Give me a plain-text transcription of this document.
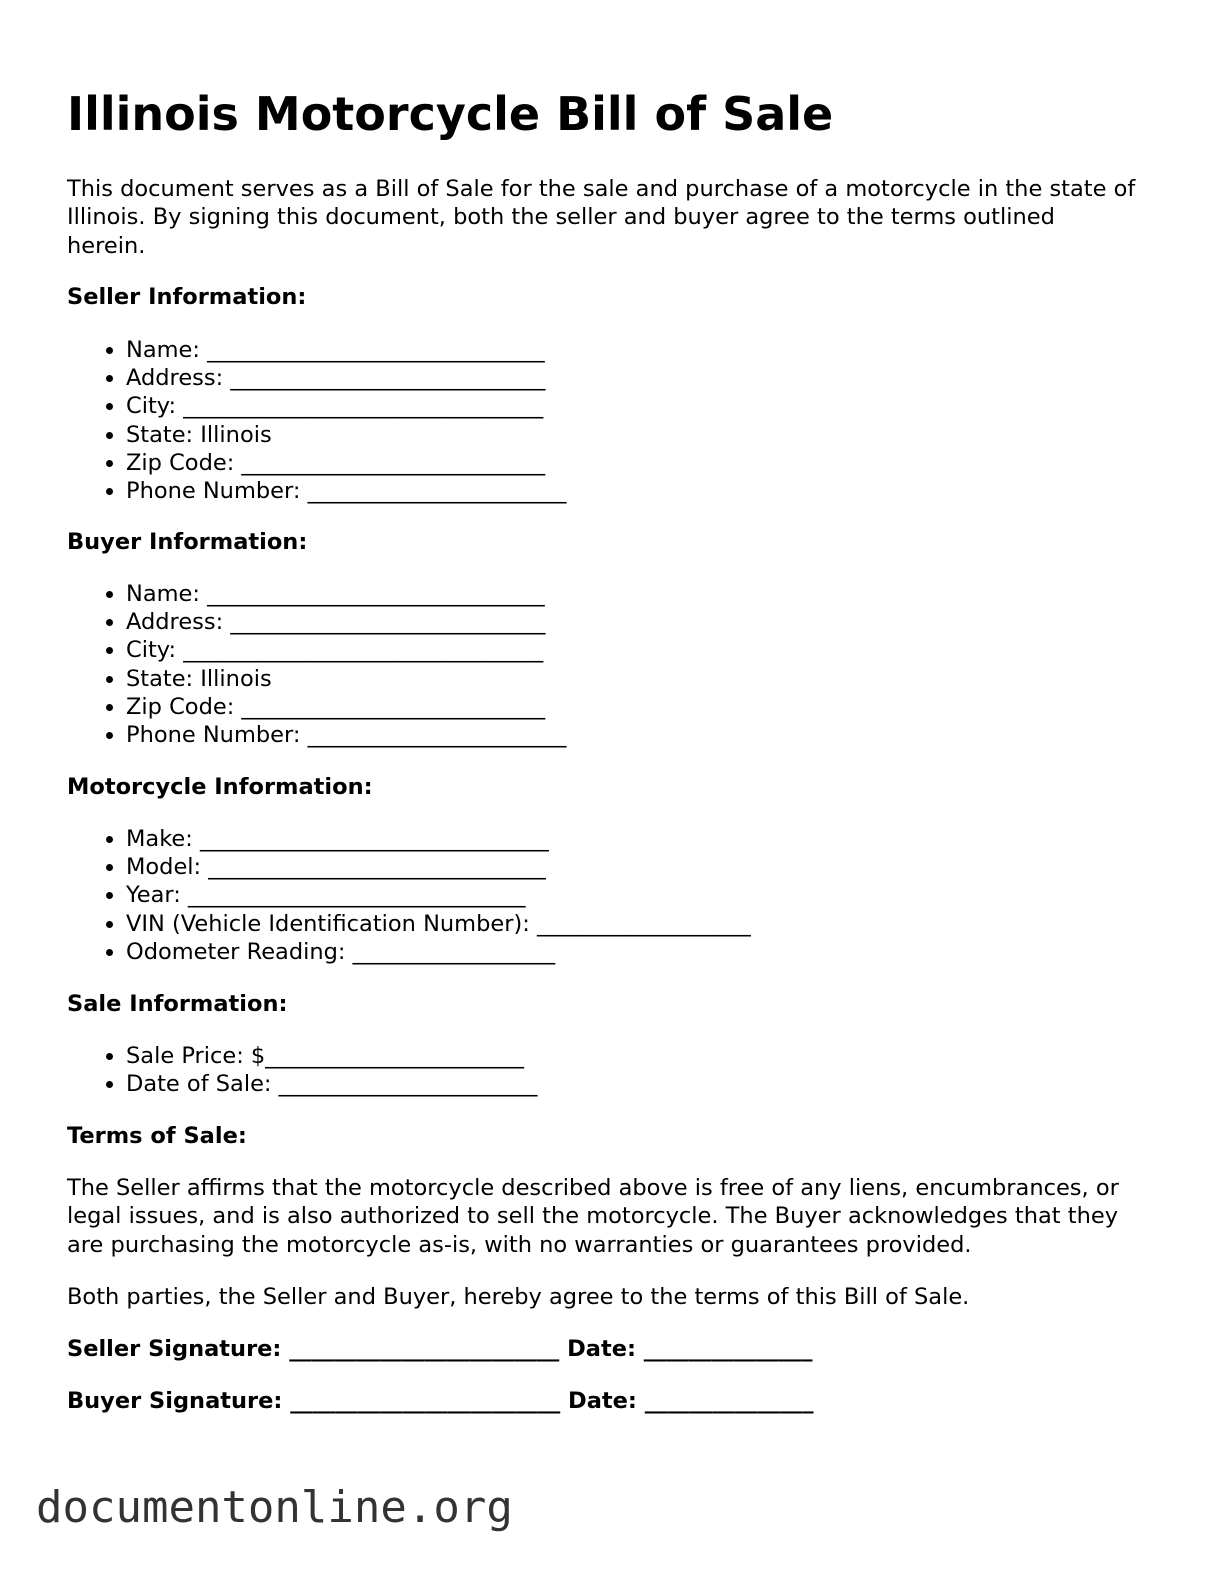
Illinois Motorcycle Bill of Sale

This document serves as a Bill of Sale for the sale and purchase of a motorcycle in the state of Illinois. By signing this document, both the seller and buyer agree to the terms outlined herein.

Seller Information:

• Name: ______________________________
• Address: ____________________________
• City: ________________________________
• State: Illinois
• Zip Code: ___________________________
• Phone Number: _______________________

Buyer Information:

• Name: ______________________________
• Address: ____________________________
• City: ________________________________
• State: Illinois
• Zip Code: ___________________________
• Phone Number: _______________________

Motorcycle Information:

• Make: _______________________________
• Model: ______________________________
• Year: ______________________________
• VIN (Vehicle Identification Number): ___________________
• Odometer Reading: __________________

Sale Information:

• Sale Price: $_______________________
• Date of Sale: _______________________

Terms of Sale:

The Seller affirms that the motorcycle described above is free of any liens, encumbrances, or legal issues, and is also authorized to sell the motorcycle. The Buyer acknowledges that they are purchasing the motorcycle as-is, with no warranties or guarantees provided.

Both parties, the Seller and Buyer, hereby agree to the terms of this Bill of Sale.

Seller Signature: ________________________ Date: _______________

Buyer Signature: ________________________ Date: _______________

documentonline.org
